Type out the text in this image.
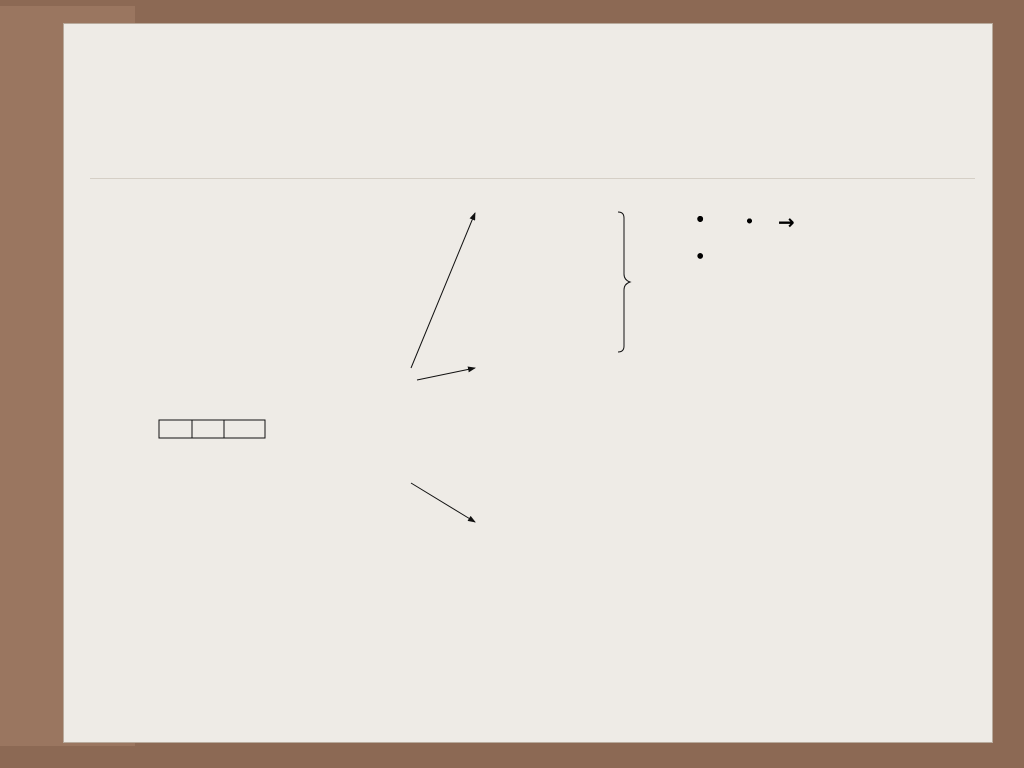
• →
